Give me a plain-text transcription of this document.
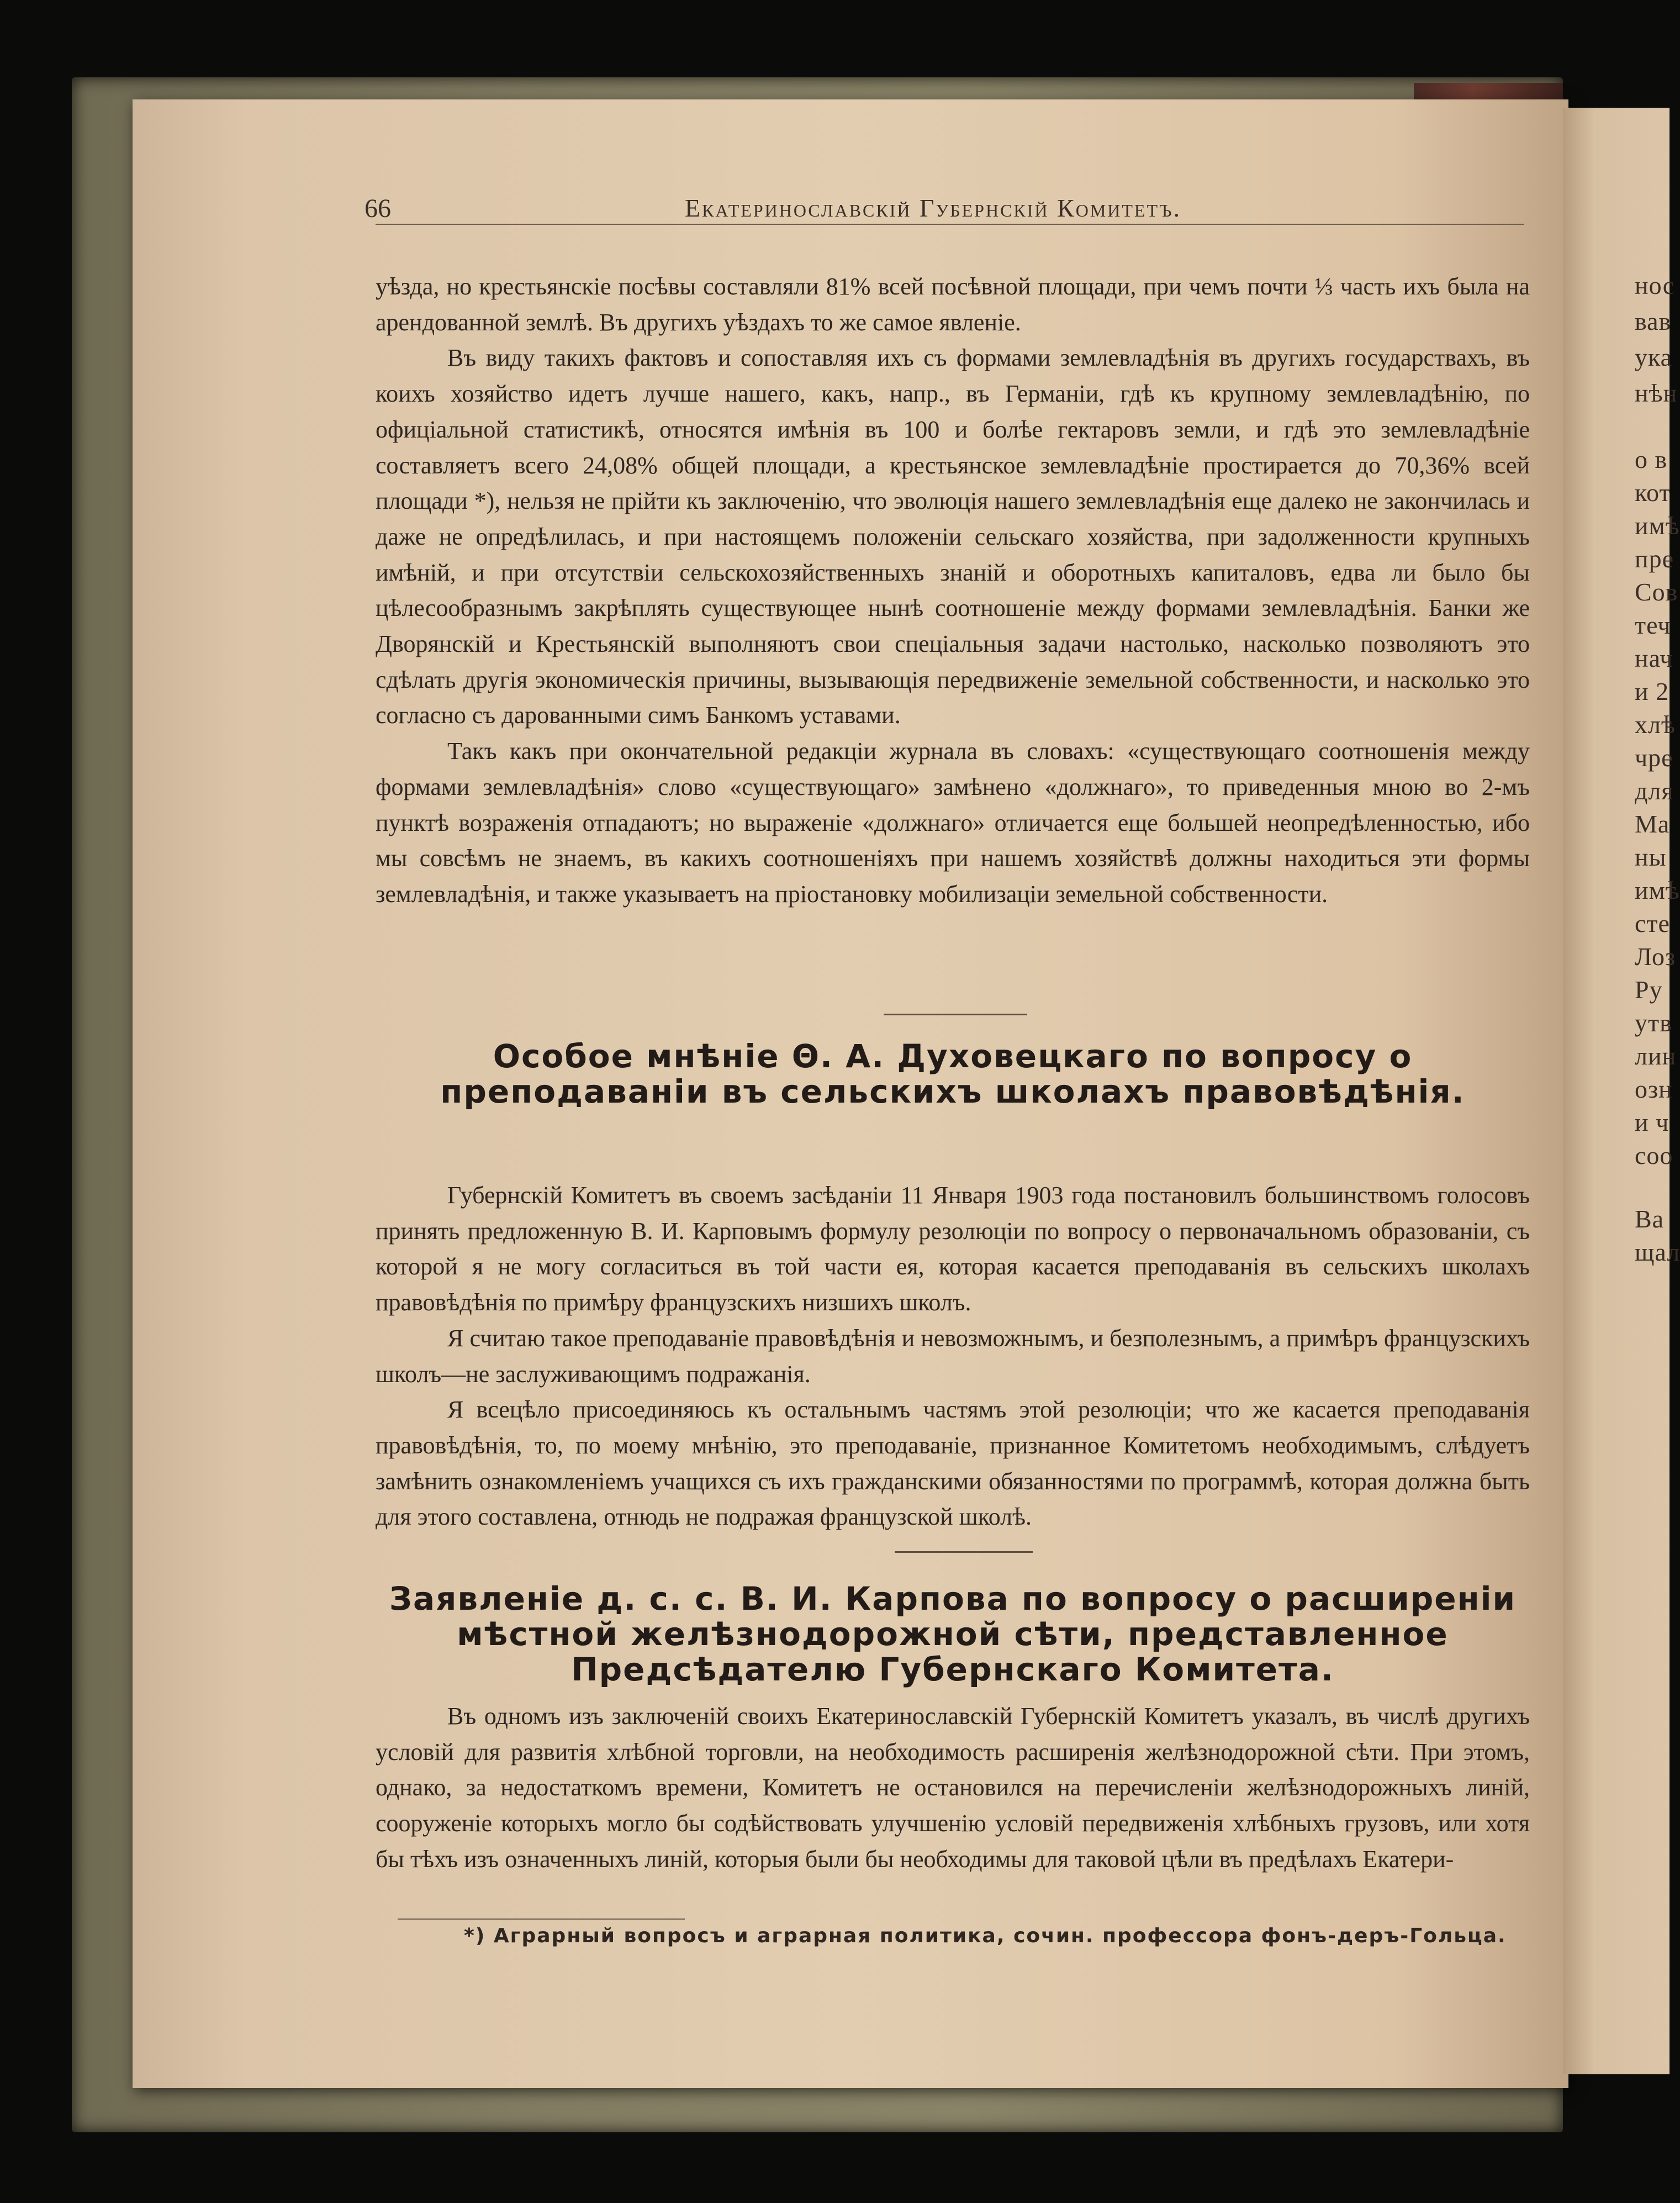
нос
вав
ука
нѣн
о в
кот
имѣ
пре
Сов
теч
нач
и 2
хлѣ
чре
для
Ма
ны
имѣ
сте
Лоз
Ру
утв
лин
озн
и ч
соо
Ва
щал
66	Екатеринославскій Губернскій Комитетъ.

уѣзда, но крестьянскіе посѣвы составляли 81% всей посѣвной площади, при чемъ почти ⅓ часть ихъ была на арендованной землѣ. Въ другихъ уѣздахъ то же самое явленіе.

Въ виду такихъ фактовъ и сопоставляя ихъ съ формами землевладѣнія въ другихъ государствахъ, въ коихъ хозяйство идетъ лучше нашего, какъ, напр., въ Германіи, гдѣ къ крупному землевладѣнію, по офиціальной статистикѣ, относятся имѣнія въ 100 и болѣе гектаровъ земли, и гдѣ это землевладѣніе составляетъ всего 24,08% общей площади, а крестьянское землевладѣніе простирается до 70,36% всей площади *), нельзя не прійти къ заключенію, что эволюція нашего землевладѣнія еще далеко не закончилась и даже не опредѣлилась, и при настоящемъ положеніи сельскаго хозяйства, при задолженности крупныхъ имѣній, и при отсутствіи сельскохозяйственныхъ знаній и оборотныхъ капиталовъ, едва ли было бы цѣлесообразнымъ закрѣплять существующее нынѣ соотношеніе между формами землевладѣнія. Банки же Дворянскій и Крестьянскій выполняютъ свои спеціальныя задачи настолько, насколько позволяютъ это сдѣлать другія экономическія причины, вызывающія передвиженіе земельной собственности, и насколько это согласно съ дарованными симъ Банкомъ уставами.

Такъ какъ при окончательной редакціи журнала въ словахъ: «существующаго соотношенія между формами землевладѣнія» слово «существующаго» замѣнено «должнаго», то приведенныя мною во 2-мъ пунктѣ возраженія отпадаютъ; но выраженіе «должнаго» отличается еще большей неопредѣленностью, ибо мы совсѣмъ не знаемъ, въ какихъ соотношеніяхъ при нашемъ хозяйствѣ должны находиться эти формы землевладѣнія, и также указываетъ на пріостановку мобилизаціи земельной собственности.

Особое мнѣніе Θ. А. Духовецкаго по вопросу о преподаваніи въ сельскихъ школахъ правовѣдѣнія.

Губернскій Комитетъ въ своемъ засѣданіи 11 Января 1903 года постановилъ большинствомъ голосовъ принять предложенную В. И. Карповымъ формулу резолюціи по вопросу о первоначальномъ образованіи, съ которой я не могу согласиться въ той части ея, которая касается преподаванія въ сельскихъ школахъ правовѣдѣнія по примѣру французскихъ низшихъ школъ.

Я считаю такое преподаваніе правовѣдѣнія и невозможнымъ, и безполезнымъ, а примѣръ французскихъ школъ—не заслуживающимъ подражанія.

Я всецѣло присоединяюсь къ остальнымъ частямъ этой резолюціи; что же касается преподаванія правовѣдѣнія, то, по моему мнѣнію, это преподаваніе, признанное Комитетомъ необходимымъ, слѣдуетъ замѣнить ознакомленіемъ учащихся съ ихъ гражданскими обязанностями по программѣ, которая должна быть для этого составлена, отнюдь не подражая французской школѣ.

Заявленіе д. с. с. В. И. Карпова по вопросу о расширеніи мѣстной желѣзнодорожной сѣти, представленное Предсѣдателю Губернскаго Комитета.

Въ одномъ изъ заключеній своихъ Екатеринославскій Губернскій Комитетъ указалъ, въ числѣ другихъ условій для развитія хлѣбной торговли, на необходимость расширенія желѣзнодорожной сѣти. При этомъ, однако, за недостаткомъ времени, Комитетъ не остановился на перечисленіи желѣзнодорожныхъ линій, сооруженіе которыхъ могло бы содѣйствовать улучшенію условій передвиженія хлѣбныхъ грузовъ, или хотя бы тѣхъ изъ означенныхъ линій, которыя были бы необходимы для таковой цѣли въ предѣлахъ Екатери-

*) Аграрный вопросъ и аграрная политика, сочин. профессора фонъ-деръ-Гольца.
